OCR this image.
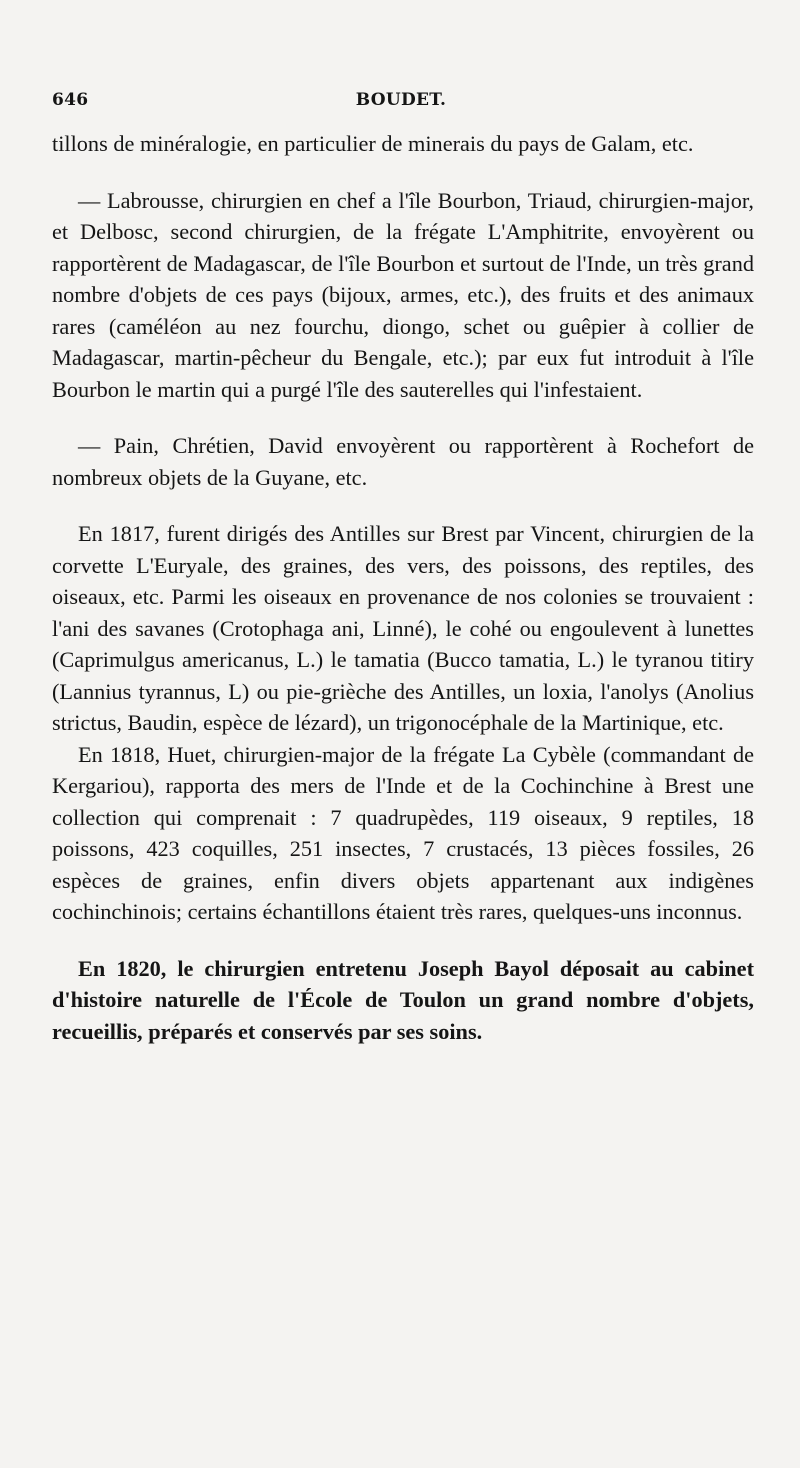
646	BOUDET.

tillons de minéralogie, en particulier de minerais du pays de Galam, etc.

— Labrousse, chirurgien en chef a l'île Bourbon, Triaud, chirurgien-major, et Delbosc, second chirurgien, de la frégate L'Amphitrite, envoyèrent ou rapportèrent de Madagascar, de l'île Bourbon et surtout de l'Inde, un très grand nombre d'objets de ces pays (bijoux, armes, etc.), des fruits et des animaux rares (caméléon au nez fourchu, diongo, schet ou guêpier à collier de Madagascar, martin-pêcheur du Bengale, etc.); par eux fut introduit à l'île Bourbon le martin qui a purgé l'île des sauterelles qui l'infestaient.

— Pain, Chrétien, David envoyèrent ou rapportèrent à Rochefort de nombreux objets de la Guyane, etc.

En 1817, furent dirigés des Antilles sur Brest par Vincent, chirurgien de la corvette L'Euryale, des graines, des vers, des poissons, des reptiles, des oiseaux, etc. Parmi les oiseaux en provenance de nos colonies se trouvaient : l'ani des savanes (Crotophaga ani, Linné), le cohé ou engoulevent à lunettes (Caprimulgus americanus, L.) le tamatia (Bucco tamatia, L.) le tyranou titiry (Lannius tyrannus, L) ou pie-grièche des Antilles, un loxia, l'anolys (Anolius strictus, Baudin, espèce de lézard), un trigonocéphale de la Martinique, etc.

En 1818, Huet, chirurgien-major de la frégate La Cybèle (commandant de Kergariou), rapporta des mers de l'Inde et de la Cochinchine à Brest une collection qui comprenait : 7 quadrupèdes, 119 oiseaux, 9 reptiles, 18 poissons, 423 coquilles, 251 insectes, 7 crustacés, 13 pièces fossiles, 26 espèces de graines, enfin divers objets appartenant aux indigènes cochinchinois; certains échantillons étaient très rares, quelques-uns inconnus.

En 1820, le chirurgien entretenu Joseph Bayol déposait au cabinet d'histoire naturelle de l'École de Toulon un grand nombre d'objets, recueillis, préparés et conservés par ses soins.
